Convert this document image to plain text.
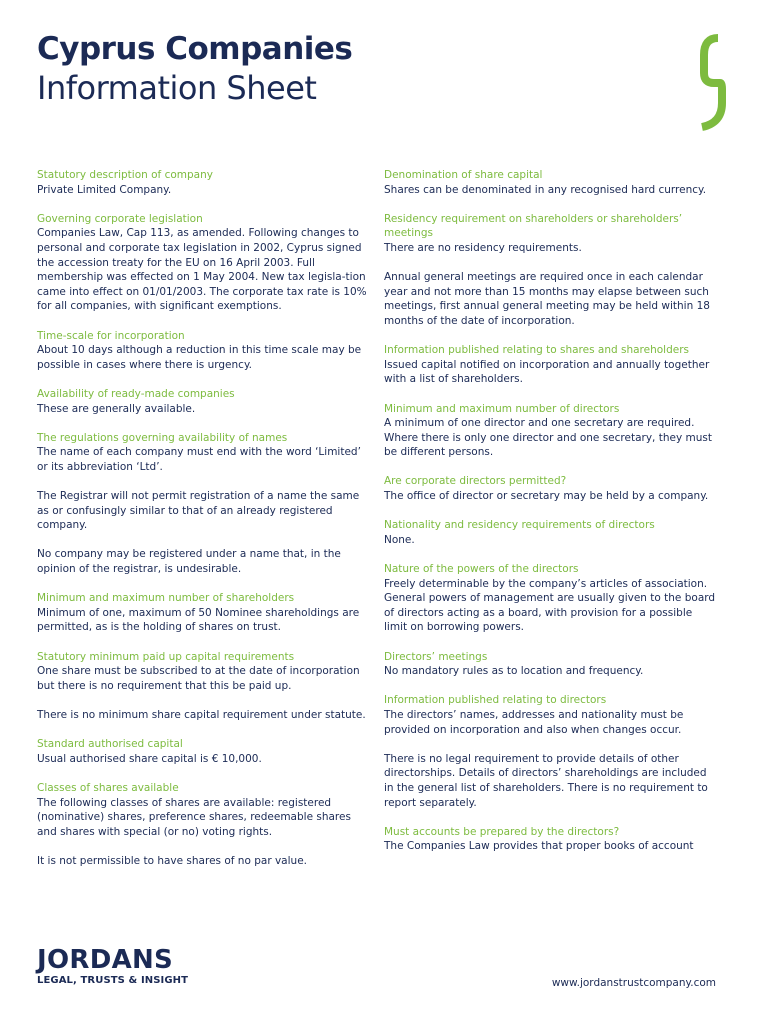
Cyprus Companies
Information Sheet
Statutory description of company
Private Limited Company.
Governing corporate legislation
Companies Law, Cap 113, as amended. Following changes to personal and corporate tax legislation in 2002, Cyprus signed the accession treaty for the EU on 16 April 2003. Full membership was effected on 1 May 2004. New tax legisla-tion came into effect on 01/01/2003. The corporate tax rate is 10% for all companies, with significant exemptions.
Time-scale for incorporation
About 10 days although a reduction in this time scale may be possible in cases where there is urgency.
Availability of ready-made companies
These are generally available.
The regulations governing availability of names
The name of each company must end with the word ‘Limited’ or its abbreviation ‘Ltd’.
The Registrar will not permit registration of a name the same as or confusingly similar to that of an already registered company.
No company may be registered under a name that, in the opinion of the registrar, is undesirable.
Minimum and maximum number of shareholders
Minimum of one, maximum of 50 Nominee shareholdings are permitted, as is the holding of shares on trust.
Statutory minimum paid up capital requirements
One share must be subscribed to at the date of incorporation but there is no requirement that this be paid up.
There is no minimum share capital requirement under statute.
Standard authorised capital
Usual authorised share capital is € 10,000.
Classes of shares available
The following classes of shares are available: registered (nominative) shares, preference shares, redeemable shares and shares with special (or no) voting rights.
It is not permissible to have shares of no par value.
Denomination of share capital
Shares can be denominated in any recognised hard currency.
Residency requirement on shareholders or shareholders’ meetings
There are no residency requirements.
Annual general meetings are required once in each calendar year and not more than 15 months may elapse between such meetings, first annual general meeting may be held within 18 months of the date of incorporation.
Information published relating to shares and shareholders
Issued capital notified on incorporation and annually together with a list of shareholders.
Minimum and maximum number of directors
A minimum of one director and one secretary are required. Where there is only one director and one secretary, they must be different persons.
Are corporate directors permitted?
The office of director or secretary may be held by a company.
Nationality and residency requirements of directors
None.
Nature of the powers of the directors
Freely determinable by the company’s articles of association. General powers of management are usually given to the board of directors acting as a board, with provision for a possible limit on borrowing powers.
Directors’ meetings
No mandatory rules as to location and frequency.
Information published relating to directors
The directors’ names, addresses and nationality must be provided on incorporation and also when changes occur.
There is no legal requirement to provide details of other directorships. Details of directors’ shareholdings are included in the general list of shareholders. There is no requirement to report separately.
Must accounts be prepared by the directors?
The Companies Law provides that proper books of account
JORDANS
LEGAL, TRUSTS & INSIGHT	www.jordanstrustcompany.com
